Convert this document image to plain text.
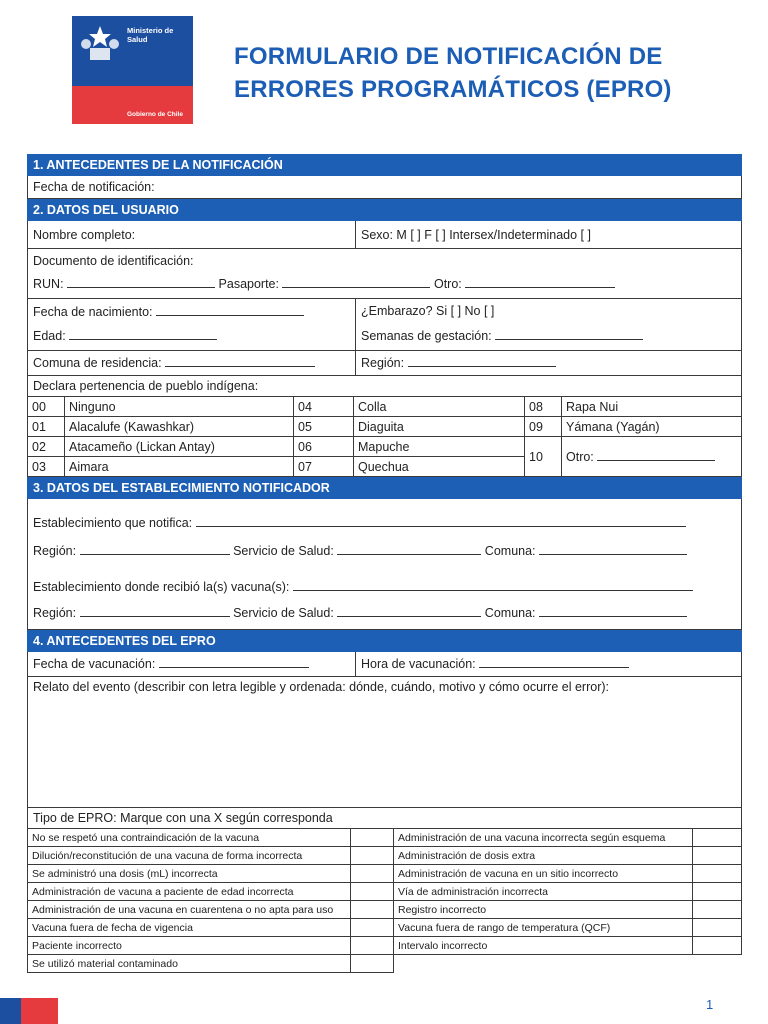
Ministerio de Salud
Gobierno de Chile
FORMULARIO DE NOTIFICACIÓN DE
ERRORES PROGRAMÁTICOS (EPRO)
1. ANTECEDENTES DE LA NOTIFICACIÓN
Fecha de notificación:
2. DATOS DEL USUARIO
Nombre completo:	Sexo: M [ ] F [ ] Intersex/Indeterminado [ ]
Documento de identificación:
RUN:	Pasaporte:	Otro:
Fecha de nacimiento:
Edad:
¿Embarazo? Si [ ] No [ ]
Semanas de gestación:
Comuna de residencia:	Región:
Declara pertenencia de pueblo indígena:
00	Ninguno	04	Colla	08	Rapa Nui
01	Alacalufe (Kawashkar)	05	Diaguita	09	Yámana (Yagán)
02	Atacameño (Lickan Antay)	06	Mapuche	10	Otro:
03	Aimara	07	Quechua		
3. DATOS DEL ESTABLECIMIENTO NOTIFICADOR
Establecimiento que notifica:
Región:	Servicio de Salud:	Comuna:
Establecimiento donde recibió la(s) vacuna(s):
Región:	Servicio de Salud:	Comuna:
4. ANTECEDENTES DEL EPRO
Fecha de vacunación:	Hora de vacunación:
Relato del evento (describir con letra legible y ordenada: dónde, cuándo, motivo y cómo ocurre el error):
Tipo de EPRO: Marque con una X según corresponda
No se respetó una contraindicación de la vacuna		Administración de una vacuna incorrecta según esquema	
Dilución/reconstitución de una vacuna de forma incorrecta		Administración de dosis extra	
Se administró una dosis (mL) incorrecta		Administración de vacuna en un sitio incorrecto	
Administración de vacuna a paciente de edad incorrecta		Vía de administración incorrecta	
Administración de una vacuna en cuarentena o no apta para uso		Registro incorrecto	
Vacuna fuera de fecha de vigencia		Vacuna fuera de rango de temperatura (QCF)	
Paciente incorrecto		Intervalo incorrecto	
Se utilizó material contaminado			
1
